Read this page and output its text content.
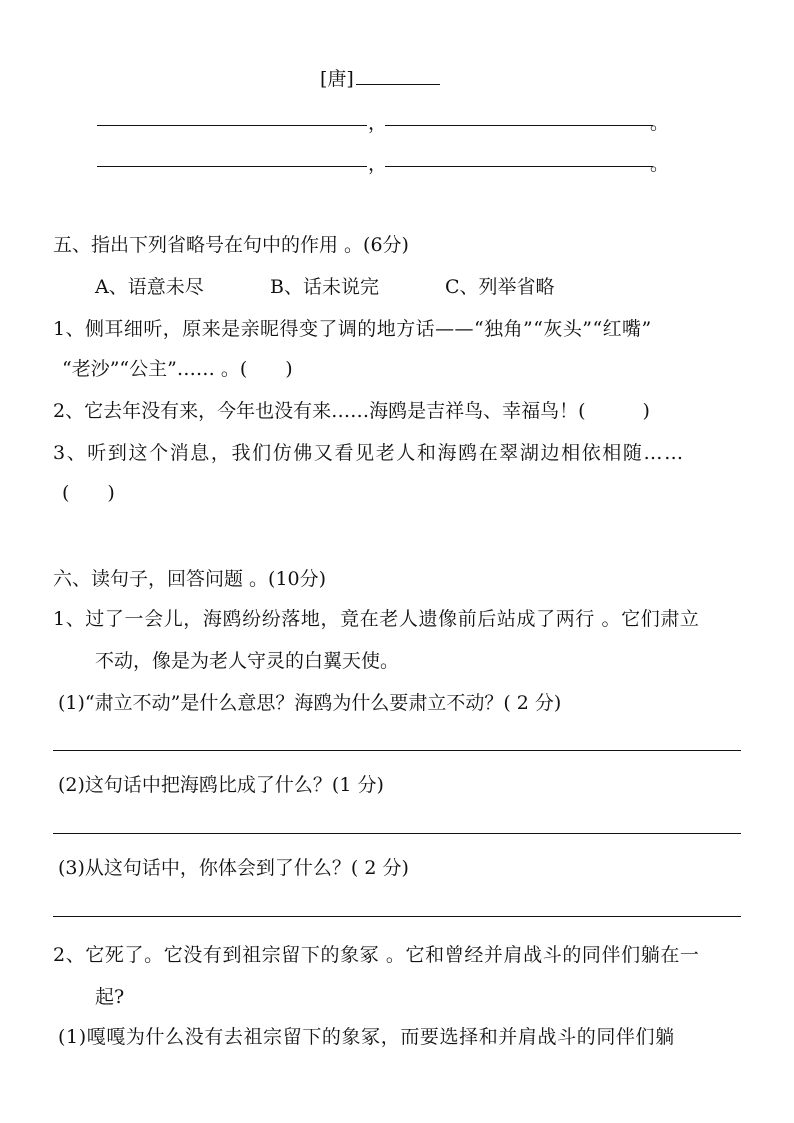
[唐]
，	。
，	。
五、指出下列省略号在句中的作用 。(6分)
A、语意未尽	B、话未说完	C、列举省略
1、侧耳细听，原来是亲昵得变了调的地方话——“独角”“灰头”“红嘴”
“老沙”“公主”…… 。(　　)
2、它去年没有来，今年也没有来……海鸥是吉祥鸟、幸福鸟！(　　　)
3、听到这个消息，我们仿佛又看见老人和海鸥在翠湖边相依相随……
(　　)
六、读句子，回答问题 。(10分)
1、过了一会儿，海鸥纷纷落地，竟在老人遗像前后站成了两行 。它们肃立
不动，像是为老人守灵的白翼天使。
(1)“肃立不动”是什么意思？海鸥为什么要肃立不动？( 2 分)
(2)这句话中把海鸥比成了什么？(1 分)
(3)从这句话中，你体会到了什么？( 2 分)
2、它死了。它没有到祖宗留下的象冢 。它和曾经并肩战斗的同伴们躺在一
起?
(1)嘎嘎为什么没有去祖宗留下的象冢，而要选择和并肩战斗的同伴们躺
